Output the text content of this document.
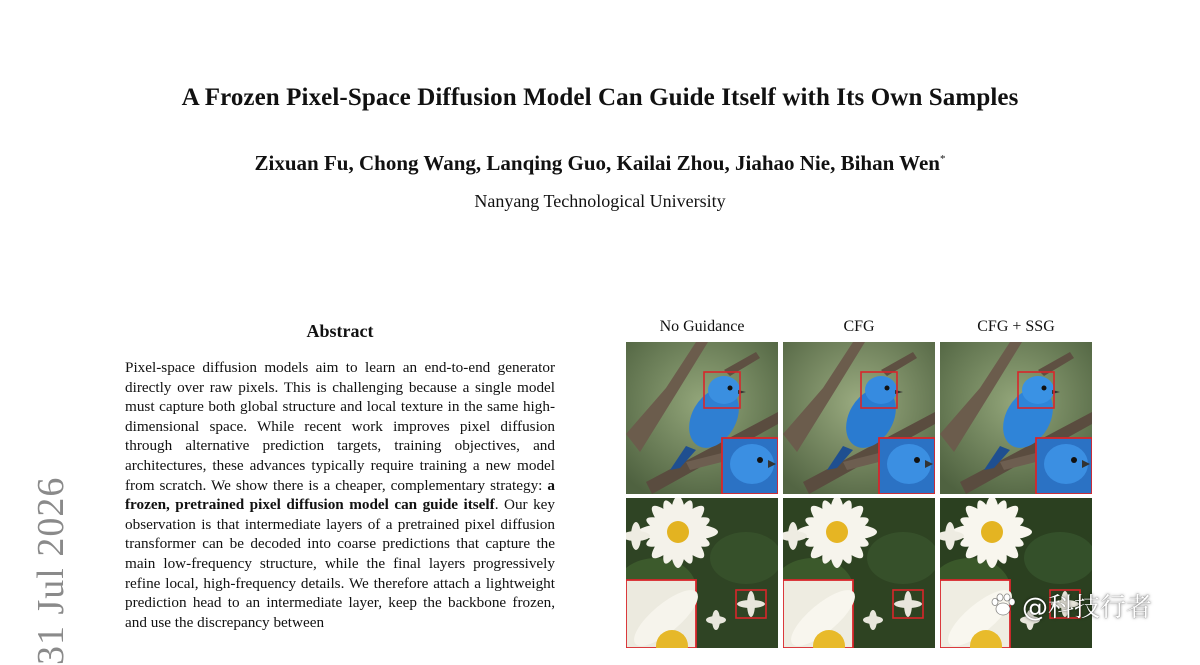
A Frozen Pixel-Space Diffusion Model Can Guide Itself with Its Own Samples
Zixuan Fu, Chong Wang, Lanqing Guo, Kailai Zhou, Jiahao Nie, Bihan Wen*
Nanyang Technological University
31 Jul 2026
Abstract
Pixel-space diffusion models aim to learn an end-to-end generator directly over raw pixels. This is challenging because a single model must capture both global structure and local texture in the same high-dimensional space. While recent work improves pixel diffusion through alternative prediction targets, training objectives, and architectures, these advances typically require training a new model from scratch. We show there is a cheaper, complementary strategy: a frozen, pretrained pixel diffusion model can guide itself. Our key observation is that intermediate layers of a pretrained pixel diffusion transformer can be decoded into coarse predictions that capture the main low-frequency structure, while the final layers progressively refine local, high-frequency details. We therefore attach a lightweight prediction head to an intermediate layer, keep the backbone frozen, and use the discrepancy between
No Guidance	CFG	CFG + SSG
@科技行者
